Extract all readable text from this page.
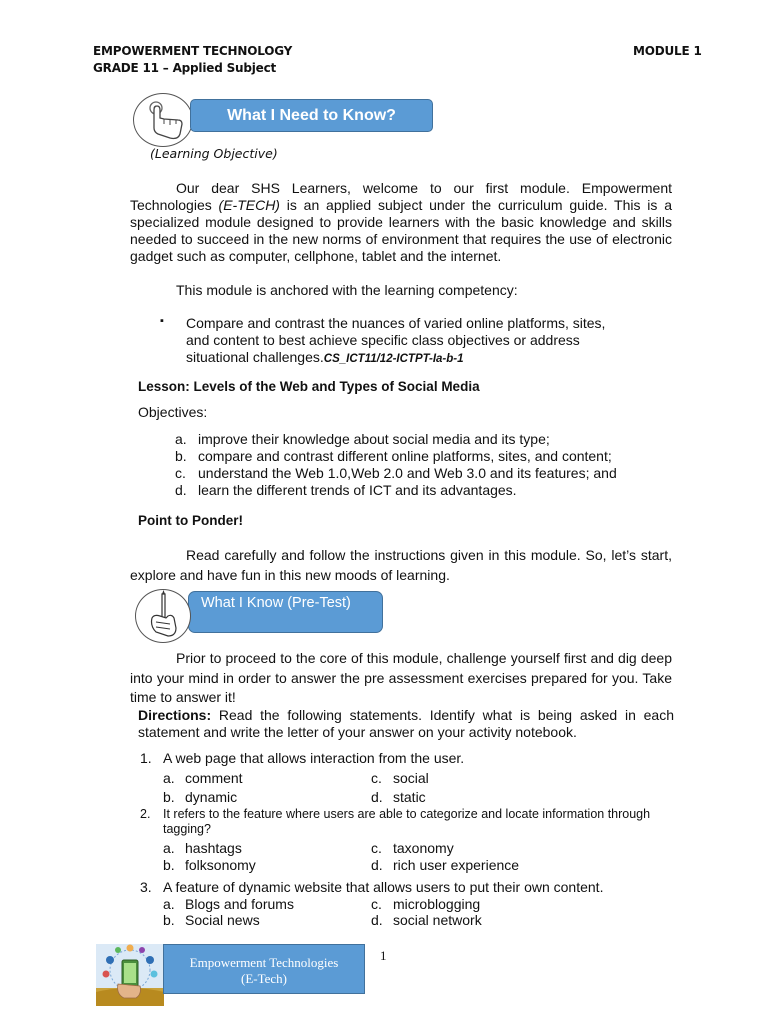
EMPOWERMENT TECHNOLOGY
GRADE 11 – Applied Subject
MODULE 1
What I Need to Know?
(Learning Objective)
Our dear SHS Learners, welcome to our first module. Empowerment Technologies (E-TECH) is an applied subject under the curriculum guide. This is a specialized module designed to provide learners with the basic knowledge and skills needed to succeed in the new norms of environment that requires the use of electronic gadget such as computer, cellphone, tablet and the internet.
This module is anchored with the learning competency:
▪ Compare and contrast the nuances of varied online platforms, sites,
and content to best achieve specific class objectives or address
situational challenges.CS_ICT11/12-ICTPT-Ia-b-1
Lesson: Levels of the Web and Types of Social Media
Objectives:
a. improve their knowledge about social media and its type;
b. compare and contrast different online platforms, sites, and content;
c. understand the Web 1.0,Web 2.0 and Web 3.0 and its features; and
d. learn the different trends of ICT and its advantages.
Point to Ponder!
Read carefully and follow the instructions given in this module. So, let’s start, explore and have fun in this new moods of learning.
What I Know (Pre-Test)
Prior to proceed to the core of this module, challenge yourself first and dig deep into your mind in order to answer the pre assessment exercises prepared for you. Take time to answer it!
Directions: Read the following statements. Identify what is being asked in each statement and write the letter of your answer on your activity notebook.
1. A web page that allows interaction from the user.
a. comment	c. social
b. dynamic	d. static
2. It refers to the feature where users are able to categorize and locate information through tagging?
a. hashtags	c. taxonomy
b. folksonomy	d. rich user experience
3. A feature of dynamic website that allows users to put their own content.
a. Blogs and forums	c. microblogging
b. Social news	d. social network
Empowerment Technologies
(E-Tech)
1
